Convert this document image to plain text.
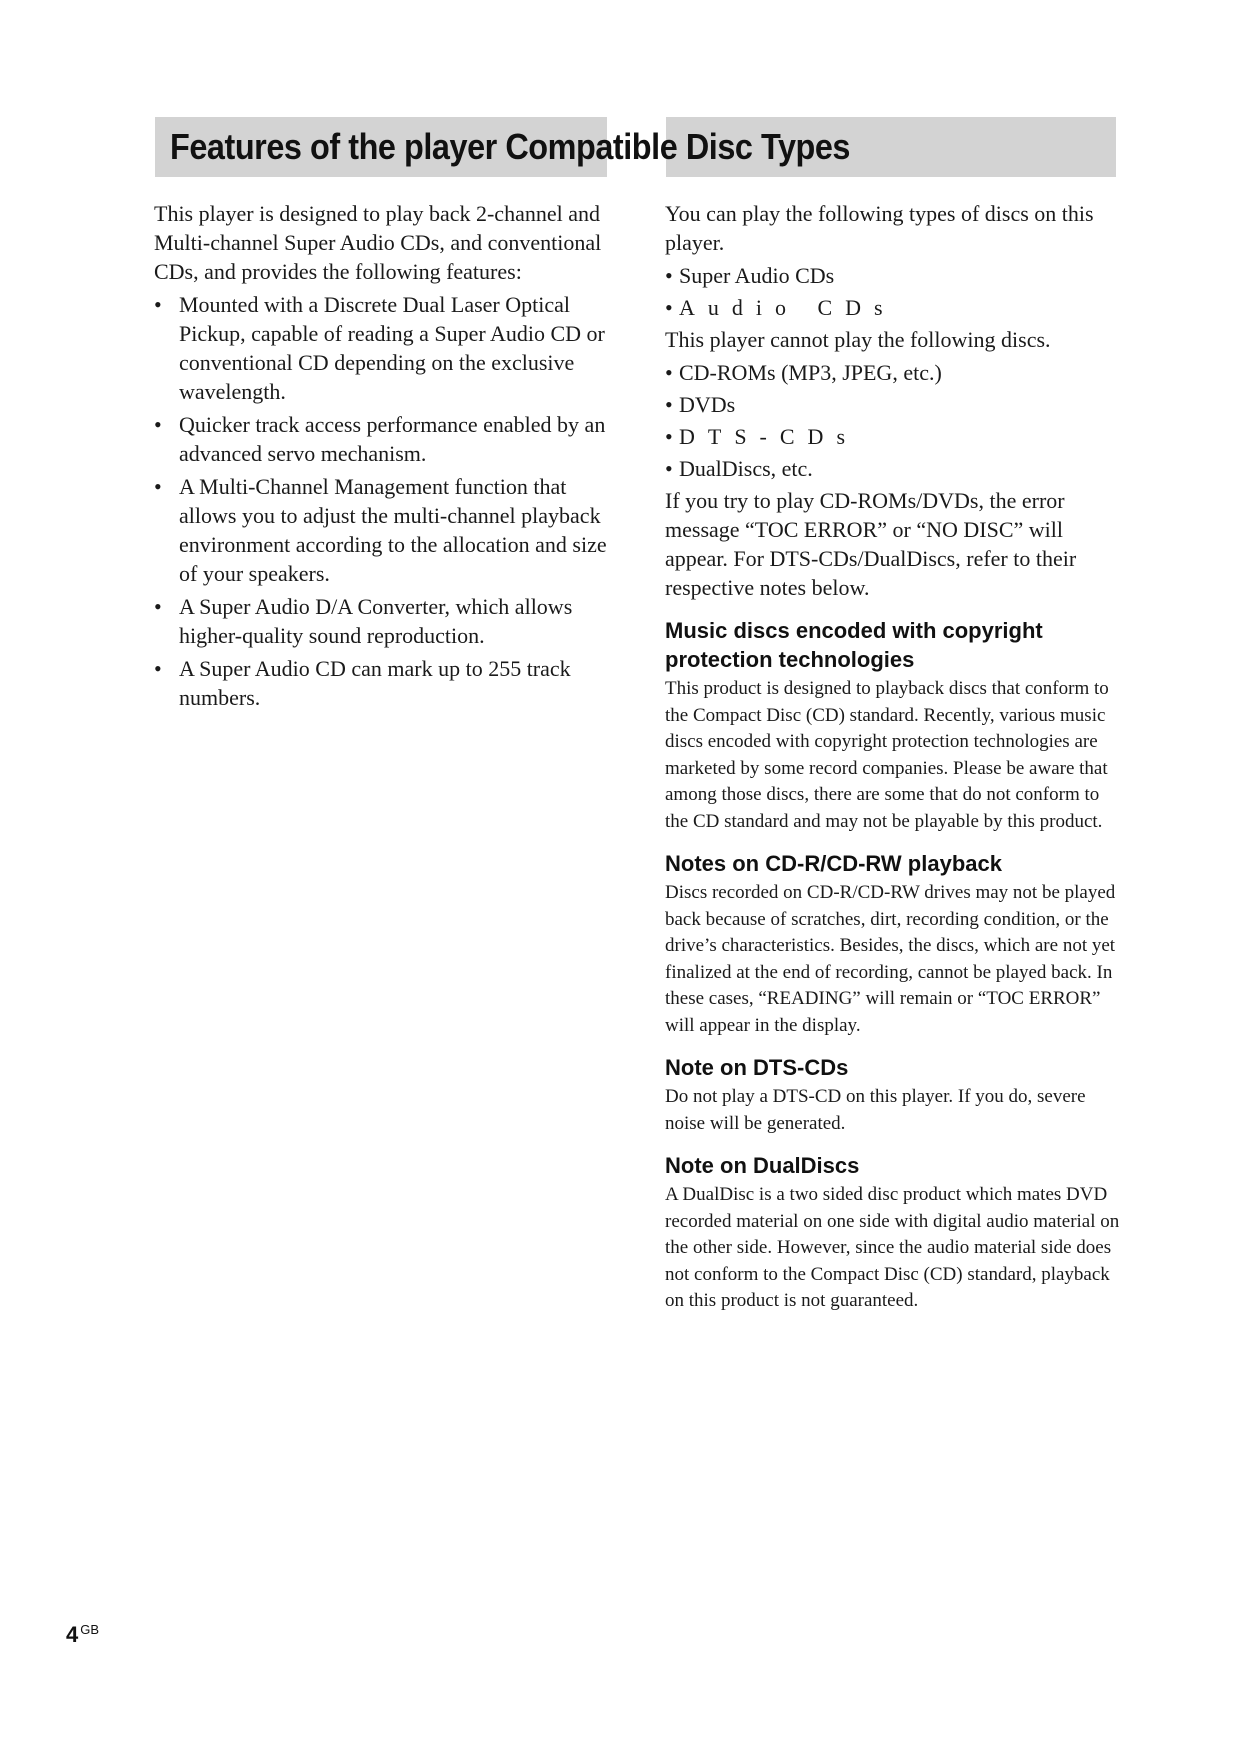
Features of the player Compatible Disc Types

This player is designed to play back 2-channel and Multi-channel Super Audio CDs, and conventional CDs, and provides the following features:

• Mounted with a Discrete Dual Laser Optical Pickup, capable of reading a Super Audio CD or conventional CD depending on the exclusive wavelength.
• Quicker track access performance enabled by an advanced servo mechanism.
• A Multi-Channel Management function that allows you to adjust the multi-channel playback environment according to the allocation and size of your speakers.
• A Super Audio D/A Converter, which allows higher-quality sound reproduction.
• A Super Audio CD can mark up to 255 track numbers.

You can play the following types of discs on this player.

• Super Audio CDs
• Audio CDs

This player cannot play the following discs.

• CD-ROMs (MP3, JPEG, etc.)
• DVDs
• DTS-CDs
• DualDiscs, etc.

If you try to play CD-ROMs/DVDs, the error message “TOC ERROR” or “NO DISC” will appear. For DTS-CDs/DualDiscs, refer to their respective notes below.

Music discs encoded with copyright protection technologies

This product is designed to playback discs that conform to the Compact Disc (CD) standard. Recently, various music discs encoded with copyright protection technologies are marketed by some record companies. Please be aware that among those discs, there are some that do not conform to the CD standard and may not be playable by this product.

Notes on CD-R/CD-RW playback

Discs recorded on CD-R/CD-RW drives may not be played back because of scratches, dirt, recording condition, or the drive’s characteristics. Besides, the discs, which are not yet finalized at the end of recording, cannot be played back. In these cases, “READING” will remain or “TOC ERROR” will appear in the display.

Note on DTS-CDs

Do not play a DTS-CD on this player. If you do, severe noise will be generated.

Note on DualDiscs

A DualDisc is a two sided disc product which mates DVD recorded material on one side with digital audio material on the other side. However, since the audio material side does not conform to the Compact Disc (CD) standard, playback on this product is not guaranteed.

4 $^{GB}$
